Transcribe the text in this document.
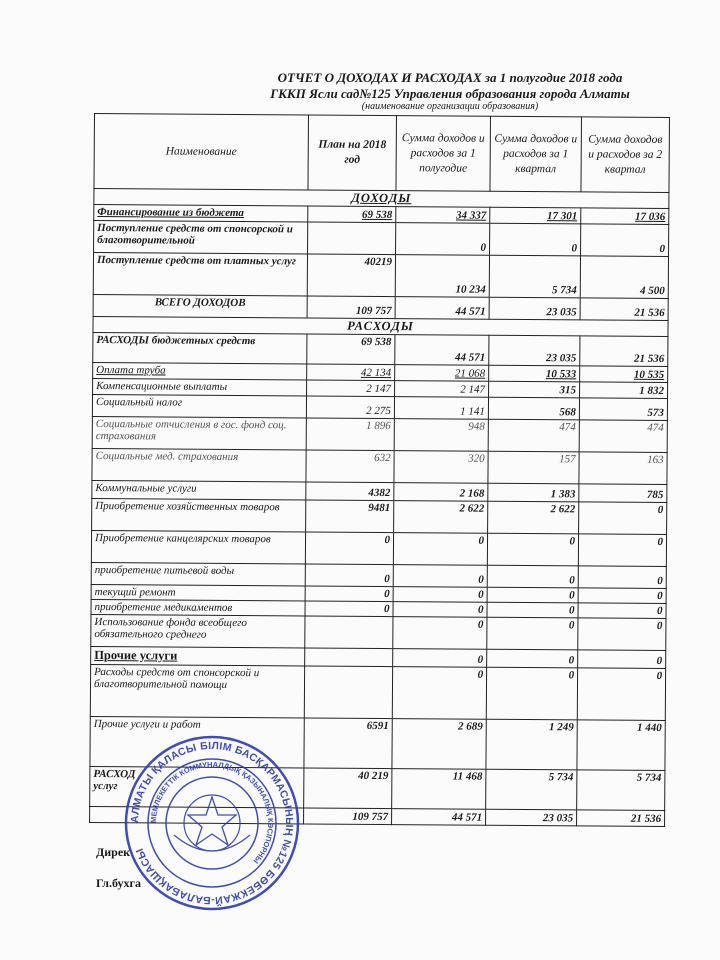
ОТЧЕТ О ДОХОДАХ И РАСХОДАХ за 1 полугодие 2018 года
ГККП Ясли сад№125 Управления образования города Алматы
(наименование организации образования)
Наименование	План на 2018 год	Сумма доходов и расходов за 1 полугодие	Сумма доходов и расходов за 1 квартал	Сумма доходов и расходов за 2 квартал
ДОХОДЫ				
Финансирование из бюджета	69 538	34 337	17 301	17 036
Поступление средств от спонсорской и благотворительной		0	0	0
Поступление средств от платных услуг	40219	10 234	5 734	4 500
ВСЕГО ДОХОДОВ	109 757	44 571	23 035	21 536
РАСХОДЫ				
РАСХОДЫ бюджетных средств	69 538	44 571	23 035	21 536
Оплата труба	42 134	21 068	10 533	10 535
Компенсационные выплаты	2 147	2 147	315	1 832
Социальный налог	2 275	1 141	568	573
Социальные отчисления в гос. фонд соц. страхования	1 896	948	474	474
Социальные мед. страхования	632	320	157	163
Коммунальные услуги	4382	2 168	1 383	785
Приобретение хозяйственных товаров	9481	2 622	2 622	0
Приобретение канцелярских товаров	0	0	0	0
приобретение питьевой воды	0	0	0	0
текущий ремонт	0	0	0	0
приобретение медикаментов	0	0	0	0
Использование фонда всеобщего обязательного среднего		0	0	0
Прочие услуги		0	0	0
Расходы средств от спонсорской и благотворительной помощи		0	0	0
Прочие услуги и работ	6591	2 689	1 249	1 440
РАСХОД
услуг	40 219	11 468	5 734	5 734
	109 757	44 571	23 035	21 536
Дирек
Гл.бухга
АЛМАТЫ ҚАЛАСЫ БІЛІМ БАСҚАРМАСЫНЫҢ №125 БӨБЕКЖАЙ-БАЛАБАҚШАСЫ
МЕМЛЕКЕТТІК КОММУНАЛДЫҚ ҚАЗЫНАЛЫҚ КӘСІПОРНЫ
